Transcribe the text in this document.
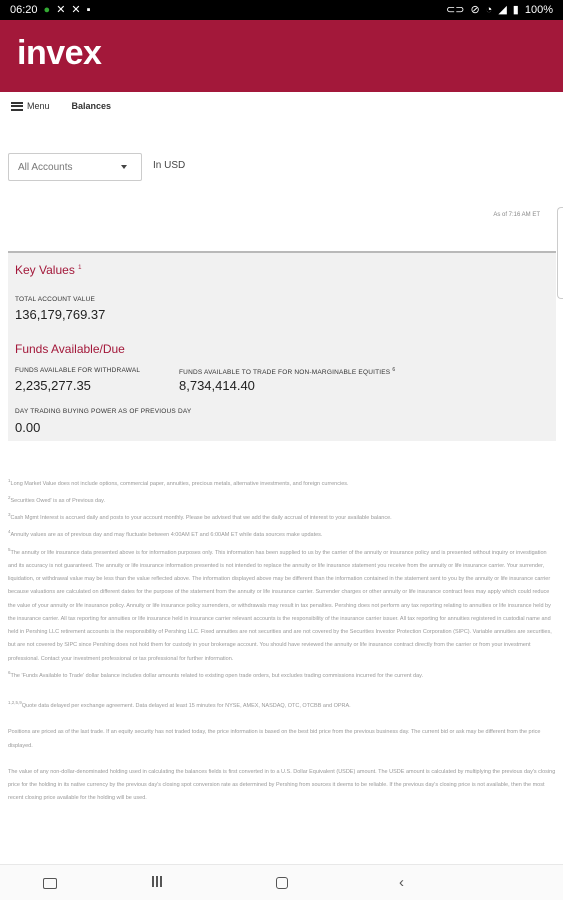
06:20 ● ✕ ✕ ▪	⊂⊃ ⊘ ◔ ◢ ▮ 100%
invex
Menu Balances
All Accounts	In USD
As of 7:16 AM ET
Key Values $^1$
TOTAL ACCOUNT VALUE
136,179,769.37
Funds Available/Due
FUNDS AVAILABLE FOR WITHDRAWAL
2,235,277.35
FUNDS AVAILABLE TO TRADE FOR NON-MARGINABLE EQUITIES $^6$
8,734,414.40
DAY TRADING BUYING POWER AS OF PREVIOUS DAY
0.00

$^1$Long Market Value does not include options, commercial paper, annuities, precious metals, alternative investments, and foreign currencies.

$^2$Securities Owed' is as of Previous day.

$^3$Cash Mgmt Interest is accrued daily and posts to your account monthly. Please be advised that we add the daily accrual of interest to your available balance.

$^4$Annuity values are as of previous day and may fluctuate between 4:00AM ET and 6:00AM ET while data sources make updates.

$^5$The annuity or life insurance data presented above is for information purposes only. This information has been supplied to us by the carrier of the annuity or insurance policy and is presented without inquiry or investigation and its accuracy is not guaranteed. The annuity or life insurance information presented is not intended to replace the annuity or life insurance statement you receive from the annuity or life insurance carrier. Your surrender, liquidation, or withdrawal value may be less than the value reflected above. The information displayed above may be different than the information contained in the statement sent to you by the annuity or life insurance carrier because valuations are calculated on different dates for the purpose of the statement from the annuity or life insurance carrier. Surrender charges or other annuity or life insurance contract fees may apply which could reduce the value of your annuity or life insurance policy. Annuity or life insurance policy surrenders, or withdrawals may result in tax penalties. Pershing does not perform any tax reporting relating to annuities or life insurance held by the insurance carrier. All tax reporting for annuities or life insurance held in insurance carrier relevant accounts is the responsibility of the insurance carrier issuer. All tax reporting for annuities registered in custodial name and held in Pershing LLC retirement accounts is the responsibility of Pershing LLC. Fixed annuities are not securities and are not covered by the Securities Investor Protection Corporation (SIPC). Variable annuities are securities, but are not covered by SIPC since Pershing does not hold them for custody in your brokerage account. You should have reviewed the annuity or life insurance contract directly from the carrier or from your investment professional. Contact your investment professional or tax professional for further information.

$^6$The 'Funds Available to Trade' dollar balance includes dollar amounts related to existing open trade orders, but excludes trading commissions incurred for the current day.

$^{1,2,5,9}$Quote data delayed per exchange agreement. Data delayed at least 15 minutes for NYSE, AMEX, NASDAQ, OTC, OTCBB and OPRA.

Positions are priced as of the last trade. If an equity security has not traded today, the price information is based on the best bid price from the previous business day. The current bid or ask may be different from the price displayed.

The value of any non-dollar-denominated holding used in calculating the balances fields is first converted in to a U.S. Dollar Equivalent (USDE) amount. The USDE amount is calculated by multiplying the previous day's closing price for the holding in its native currency by the previous day's closing spot conversion rate as determined by Pershing from sources it deems to be reliable. If the previous day's closing price is not available, then the most recent closing price available for the holding will be used.

‹
